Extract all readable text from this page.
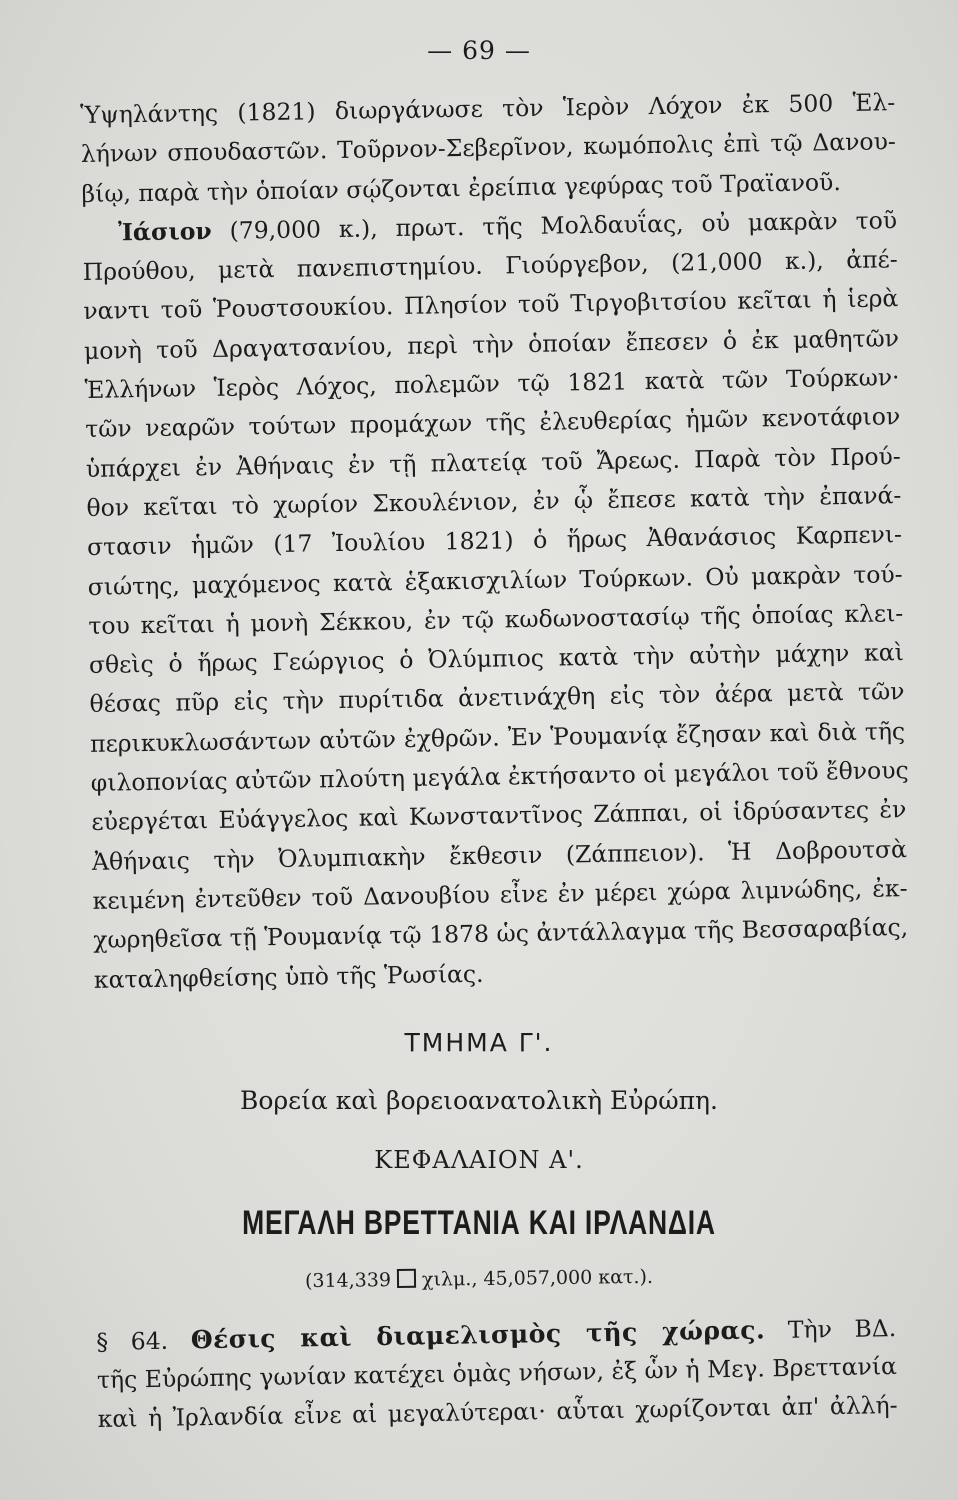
— 69 —
Ὑψηλάντης (1821) διωργάνωσε τὸν Ἱερὸν Λόχον ἐκ 500 Ἑλ-
λήνων σπουδαστῶν. Τοῦρνον-Σεβερῖνον, κωμόπολις ἐπὶ τῷ Δανου-
βίῳ, παρὰ τὴν ὁποίαν σῴζονται ἐρείπια γεφύρας τοῦ Τραϊανοῦ.
Ἰάσιον (79,000 κ.), πρωτ. τῆς Μολδαυΐας, οὐ μακρὰν τοῦ
Προύθου, μετὰ πανεπιστημίου. Γιούργεβον, (21,000 κ.), ἀπέ-
ναντι τοῦ Ῥουστσουκίου. Πλησίον τοῦ Τιργοβιτσίου κεῖται ἡ ἱερὰ
μονὴ τοῦ Δραγατσανίου, περὶ τὴν ὁποίαν ἔπεσεν ὁ ἐκ μαθητῶν
Ἑλλήνων Ἱερὸς Λόχος, πολεμῶν τῷ 1821 κατὰ τῶν Τούρκων·
τῶν νεαρῶν τούτων προμάχων τῆς ἐλευθερίας ἡμῶν κενοτάφιον
ὑπάρχει ἐν Ἀθήναις ἐν τῇ πλατείᾳ τοῦ Ἄρεως. Παρὰ τὸν Πρού-
θον κεῖται τὸ χωρίον Σκουλένιον, ἐν ᾧ ἔπεσε κατὰ τὴν ἐπανά-
στασιν ἡμῶν (17 Ἰουλίου 1821) ὁ ἥρως Ἀθανάσιος Καρπενι-
σιώτης, μαχόμενος κατὰ ἑξακισχιλίων Τούρκων. Οὐ μακρὰν τού-
του κεῖται ἡ μονὴ Σέκκου, ἐν τῷ κωδωνοστασίῳ τῆς ὁποίας κλει-
σθεὶς ὁ ἥρως Γεώργιος ὁ Ὀλύμπιος κατὰ τὴν αὐτὴν μάχην καὶ
θέσας πῦρ εἰς τὴν πυρίτιδα ἀνετινάχθη εἰς τὸν ἀέρα μετὰ τῶν
περικυκλωσάντων αὐτῶν ἐχθρῶν. Ἐν Ῥουμανίᾳ ἔζησαν καὶ διὰ τῆς
φιλοπονίας αὐτῶν πλούτη μεγάλα ἐκτήσαντο οἱ μεγάλοι τοῦ ἔθνους
εὐεργέται Εὐάγγελος καὶ Κωνσταντῖνος Ζάππαι, οἱ ἱδρύσαντες ἐν
Ἀθήναις τὴν Ὀλυμπιακὴν ἔκθεσιν (Ζάππειον). Ἡ Δοβρουτσὰ
κειμένη ἐντεῦθεν τοῦ Δανουβίου εἶνε ἐν μέρει χώρα λιμνώδης, ἐκ-
χωρηθεῖσα τῇ Ῥουμανίᾳ τῷ 1878 ὡς ἀντάλλαγμα τῆς Βεσσαραβίας,
καταληφθείσης ὑπὸ τῆς Ῥωσίας.
ΤΜΗΜΑ Γ'.
Βορεία καὶ βορειοανατολικὴ Εὐρώπη.
ΚΕΦΑΛΑΙΟΝ Α'.
ΜΕΓΑΛΗ ΒΡΕΤΤΑΝΙΑ ΚΑΙ ΙΡΛΑΝΔΙΑ
(314,339 χιλμ., 45,057,000 κατ.).
§ 64. Θέσις καὶ διαμελισμὸς τῆς χώρας. Τὴν ΒΔ.
τῆς Εὐρώπης γωνίαν κατέχει ὁμὰς νήσων, ἐξ ὧν ἡ Μεγ. Βρεττανία
καὶ ἡ Ἰρλανδία εἶνε αἱ μεγαλύτεραι· αὗται χωρίζονται ἀπ' ἀλλή-
